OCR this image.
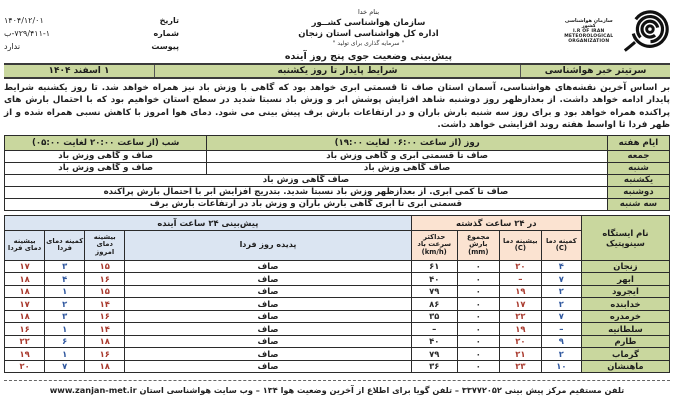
سازمان هواشناسی کشور
I.R OF IRAN
METEOROLOGICAL
ORGANIZATION
بنام خدا
سازمان هواشناسی کشــور
اداره کل هواشناسی استان زنجان
" سرمایه گذاری برای تولید "
پیش‌بینی وضعیت جوی پنج روز آینده
تاریخ
۱۴۰۴/۱۲/۰۱
شماره
۷۲۹/۴۱۱-۱-ب
پیوست
ندارد
سرتیتر خبر هواشناسی
شرایط پایدار تا روز یکشنبه
۱ اسفند ۱۴۰۴

بر اساس آخرین نقشه‌های هواشناسی، آسمان استان صاف تا قسمتی ابری خواهد بود که گاهی با وزش باد نیز همراه خواهد شد. تا روز یکشنبه شرایط پایدار ادامه خواهد داشت. از بعدازظهر روز دوشنبه شاهد افزایش پوشش ابر و وزش باد نسبتا شدید در سطح استان خواهیم بود که با احتمال بارش های پراکنده همراه خواهد بود و برای روز سه شنبه بارش باران و در ارتفاعات بارش برف پیش بینی می شود. دمای هوا امروز با کاهش نسبی همراه شده و از ظهر فردا تا اواسط هفته روند افزایشی خواهد داشت.

ایام هفته	روز (از ساعت ۰۶:۰۰ لغایت ۱۹:۰۰)	شب (از ساعت ۲۰:۰۰ لغایت ۰۵:۰۰)
جمعه	صاف تا قسمتی ابری و گاهی وزش باد	صاف و گاهی وزش باد
شنبه	صاف گاهی وزش باد	صاف و گاهی وزش باد
یکشنبه	صاف گاهی وزش باد	
دوشنبه	صاف تا کمی ابری. از بعدازظهر وزش باد نسبتا شدید. بتدریج افزایش ابر با احتمال بارش پراکنده	
سه شنبه	قسمتی ابری تا ابری گاهی بارش باران و وزش باد در ارتفاعات بارش برف	
نام ایستگاه سینوپتیک	در ۲۴ ساعت گذشته				پیش‌بینی ۲۴ ساعت آینده			
	کمینه دما (C)	بیشینه دما (C)	مجموع بارش (mm)	حداکثر سرعت باد (km/h)	پدیده روز فردا	بیشینه دمای امروز	کمینه دمای فردا	بیشینه دمای فردا
زنجان	۴	۲۰	۰	۶۱	صاف	۱۵	۳	۱۷
ابهر	۷	–	۰	۴۰	صاف	۱۶	۴	۱۸
ایجرود	۲	۱۹	۰	۷۹	صاف	۱۵	۱	۱۸
خدابنده	۲	۱۷	۰	۸۶	صاف	۱۴	۲	۱۷
خرمدره	۷	۲۲	۰	۳۵	صاف	۱۶	۳	۱۸
سلطانیه	–	۱۹	۰	–	صاف	۱۴	۱	۱۶
طارم	۹	۲۰	۰	۴۰	صاف	۱۸	۶	۲۲
گرماب	۲	۲۱	۰	۷۹	صاف	۱۶	۱	۱۹
ماهنشان	۱۰	۲۳	۰	۳۶	صاف	۱۸	۷	۲۰
تلفن مستقیم مرکز پیش بینی ۳۳۷۷۲۰۵۲ – تلفن گویا برای اطلاع از آخرین وضعیت هوا ۱۳۴ – وب سایت هواشناسی استان www.zanjan-met.ir
